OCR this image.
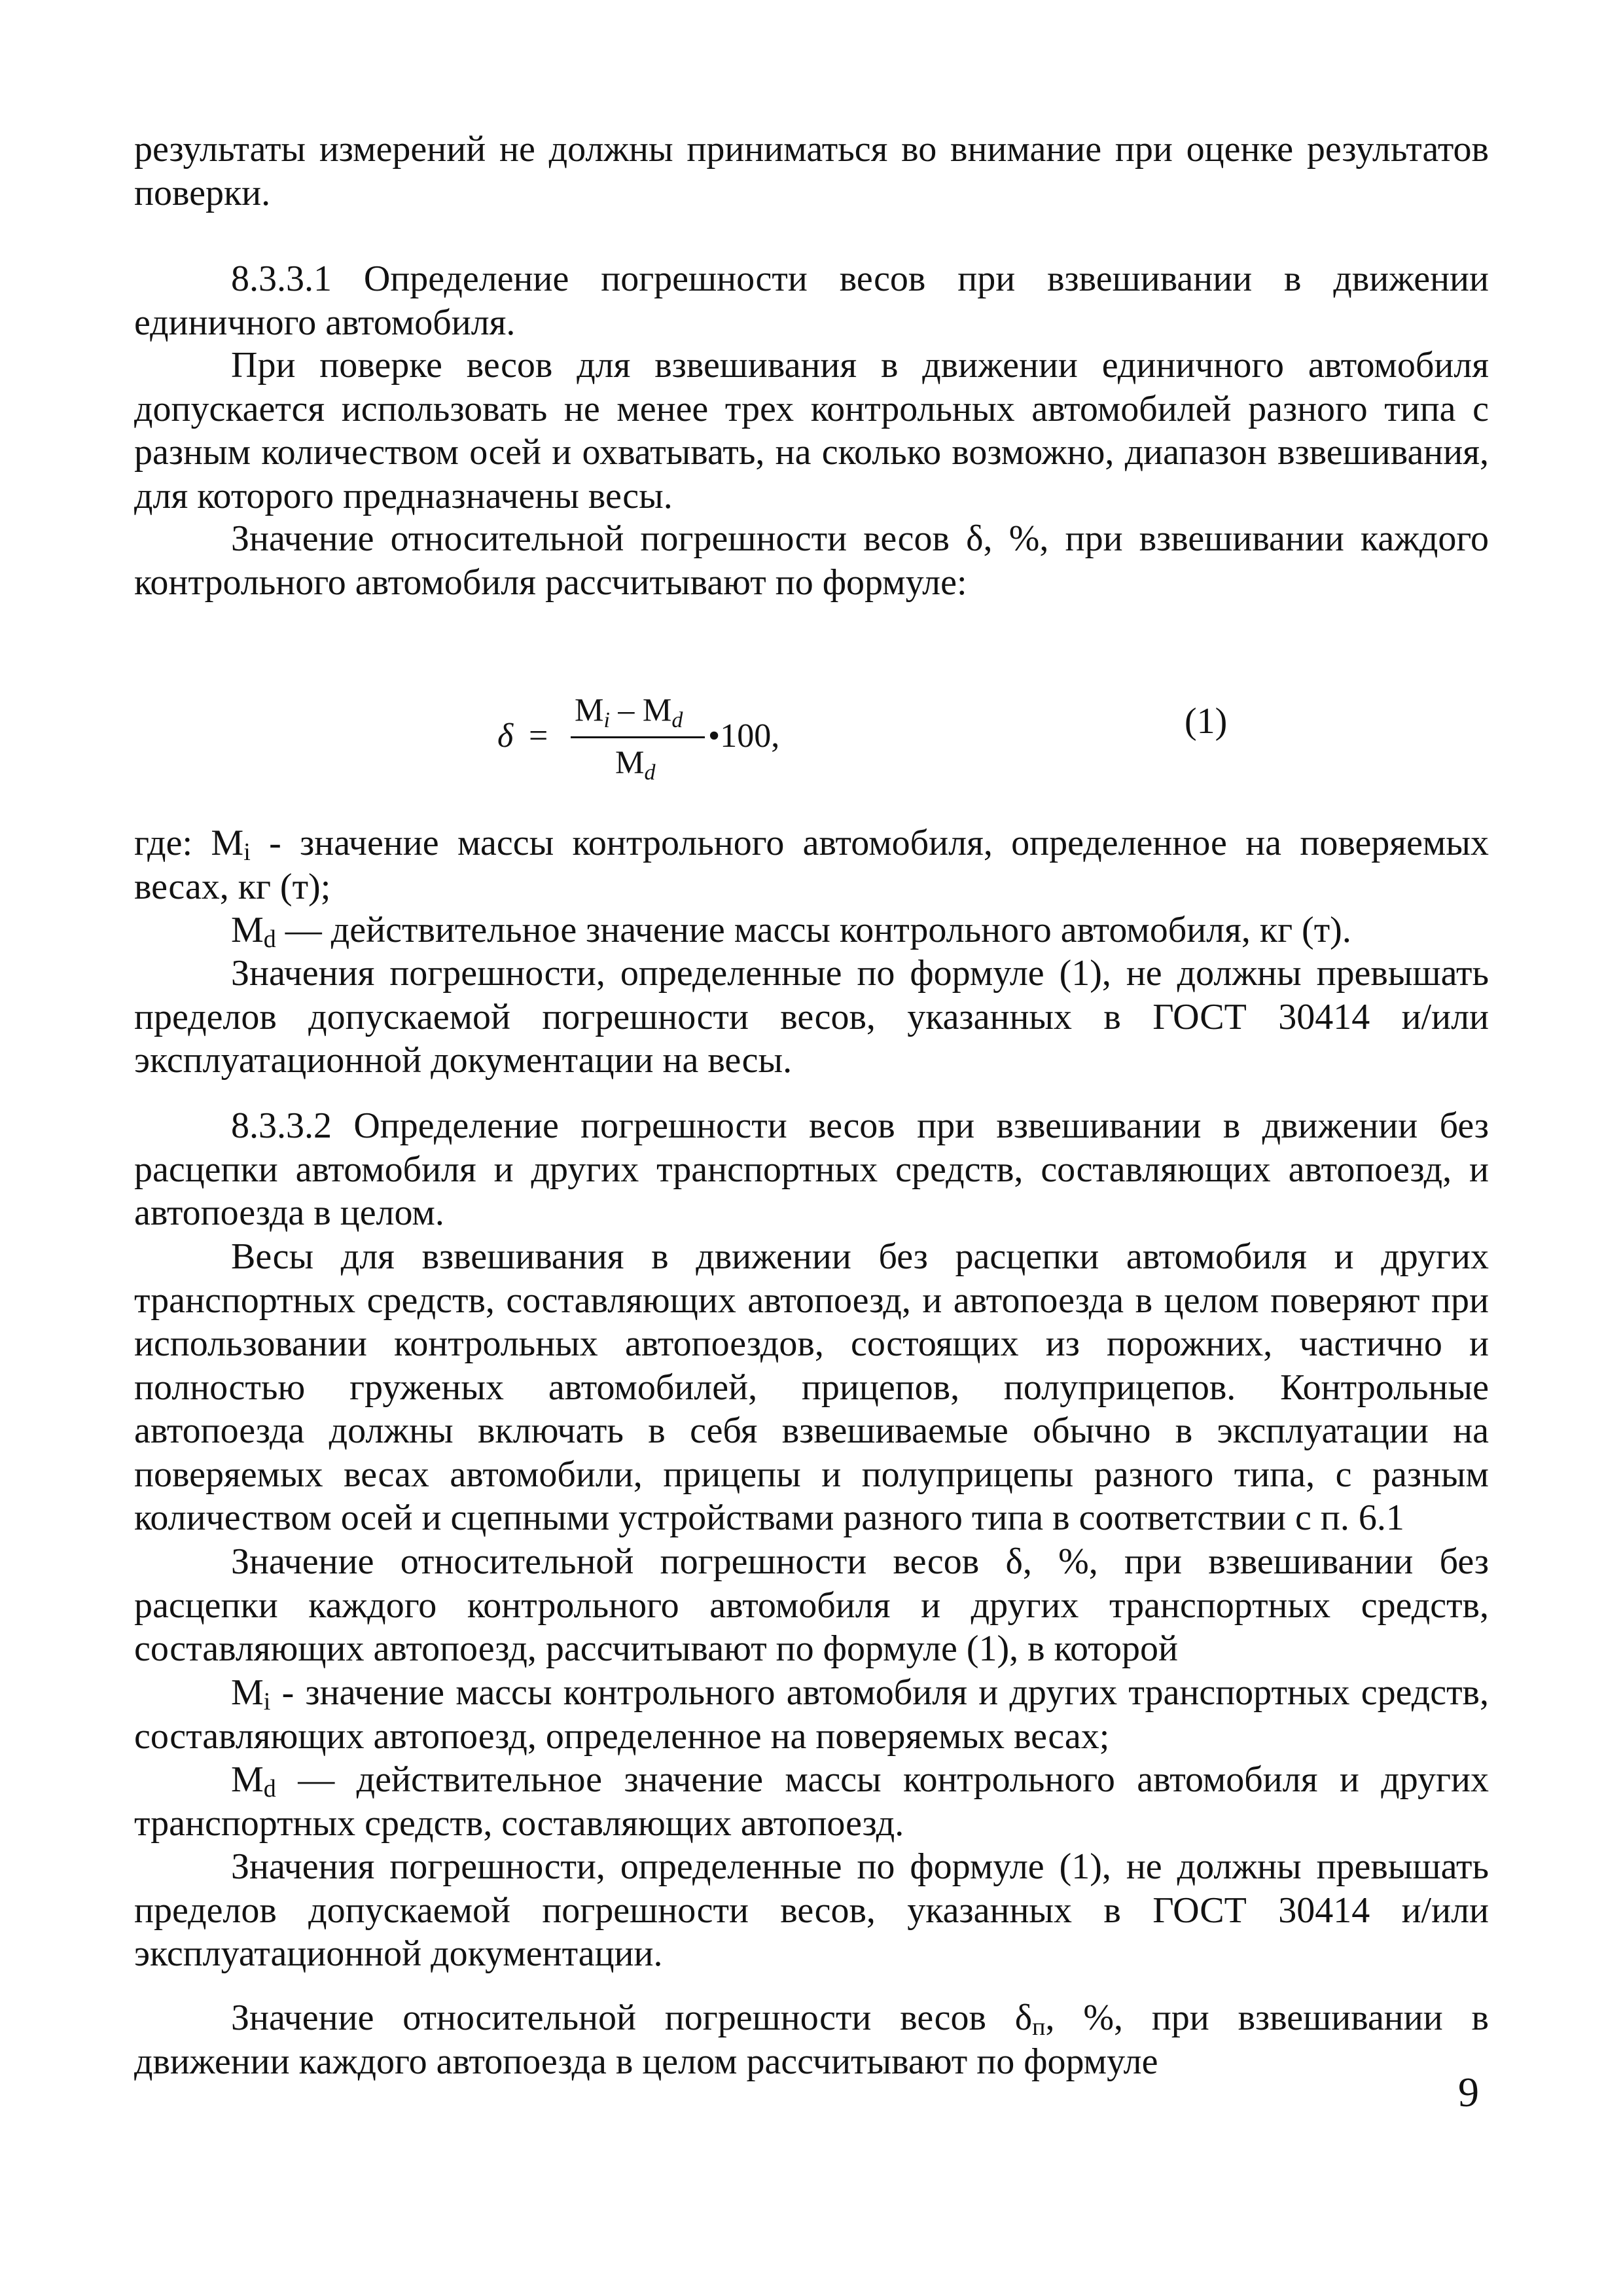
результаты измерений не должны приниматься во внимание при оценке результатов поверки.

8.3.3.1 Определение погрешности весов при взвешивании в движении единичного автомобиля.

При поверке весов для взвешивания в движении единичного автомобиля допускается использовать не менее трех контрольных автомобилей разного типа с разным количеством осей и охватывать, на сколько возможно, диапазон взвешивания, для которого предназначены весы.

Значение относительной погрешности весов δ, %, при взвешивании каждого контрольного автомобиля рассчитывают по формуле:

δ =
$M_i - M_d$
$M_d$
•100,	(1)

где: $M_i$ - значение массы контрольного автомобиля, определенное на поверяемых весах, кг (т);

$M_d$ — действительное значение массы контрольного автомобиля, кг (т).

Значения погрешности, определенные по формуле (1), не должны превышать пределов допускаемой погрешности весов, указанных в ГОСТ 30414 и/или эксплуатационной документации на весы.

8.3.3.2 Определение погрешности весов при взвешивании в движении без расцепки автомобиля и других транспортных средств, составляющих автопоезд, и автопоезда в целом.

Весы для взвешивания в движении без расцепки автомобиля и других транспортных средств, составляющих автопоезд, и автопоезда в целом поверяют при использовании контрольных автопоездов, состоящих из порожних, частично и полностью груженых автомобилей, прицепов, полуприцепов. Контрольные автопоезда должны включать в себя взвешиваемые обычно в эксплуатации на поверяемых весах автомобили, прицепы и полуприцепы разного типа, с разным количеством осей и сцепными устройствами разного типа в соответствии с п. 6.1

Значение относительной погрешности весов δ, %, при взвешивании без расцепки каждого контрольного автомобиля и других транспортных средств, составляющих автопоезд, рассчитывают по формуле (1), в которой

$M_i$ - значение массы контрольного автомобиля и других транспортных средств, составляющих автопоезд, определенное на поверяемых весах;

$M_d$ — действительное значение массы контрольного автомобиля и других транспортных средств, составляющих автопоезд.

Значения погрешности, определенные по формуле (1), не должны превышать пределов допускаемой погрешности весов, указанных в ГОСТ 30414 и/или эксплуатационной документации.

Значение относительной погрешности весов $\delta_п$, %, при взвешивании в движении каждого автопоезда в целом рассчитывают по формуле

9
